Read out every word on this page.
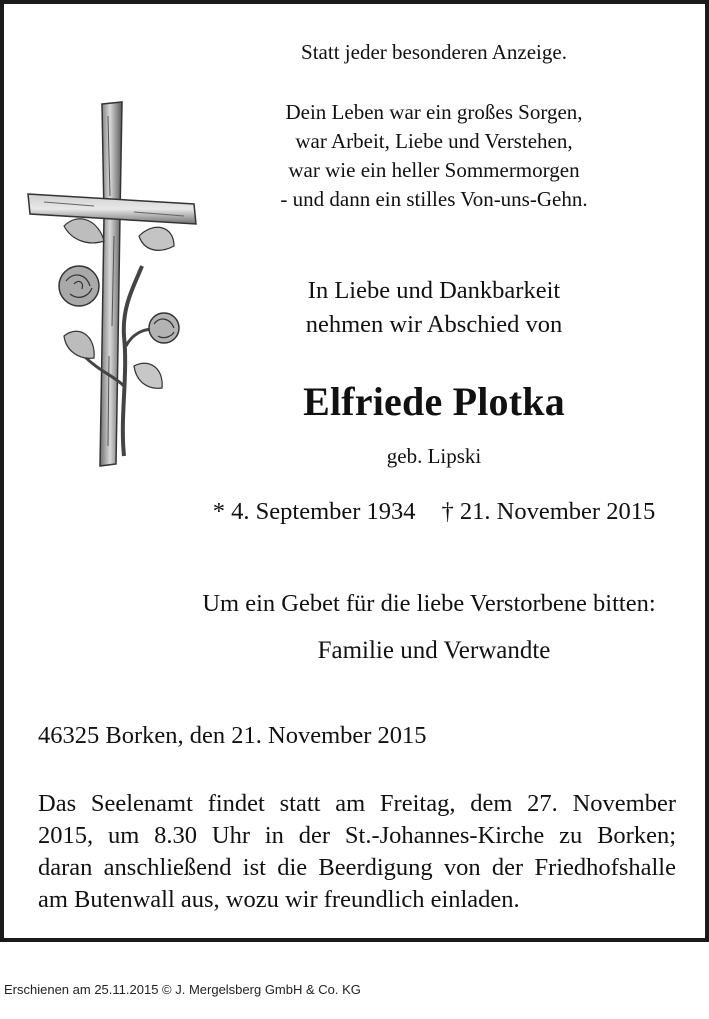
Statt jeder besonderen Anzeige.
Dein Leben war ein großes Sorgen,
war Arbeit, Liebe und Verstehen,
war wie ein heller Sommermorgen
- und dann ein stilles Von-uns-Gehn.
In Liebe und Dankbarkeit
nehmen wir Abschied von
Elfriede Plotka
geb. Lipski
* 4. September 1934 † 21. November 2015
Um ein Gebet für die liebe Verstorbene bitten:
Familie und Verwandte
46325 Borken, den 21. November 2015
Das Seelenamt findet statt am Freitag, dem 27. November
2015, um 8.30 Uhr in der St.-Johannes-Kirche zu Borken;
daran anschließend ist die Beerdigung von der Friedhofshalle
am Butenwall aus, wozu wir freundlich einladen.
Erschienen am 25.11.2015 © J. Mergelsberg GmbH & Co. KG
